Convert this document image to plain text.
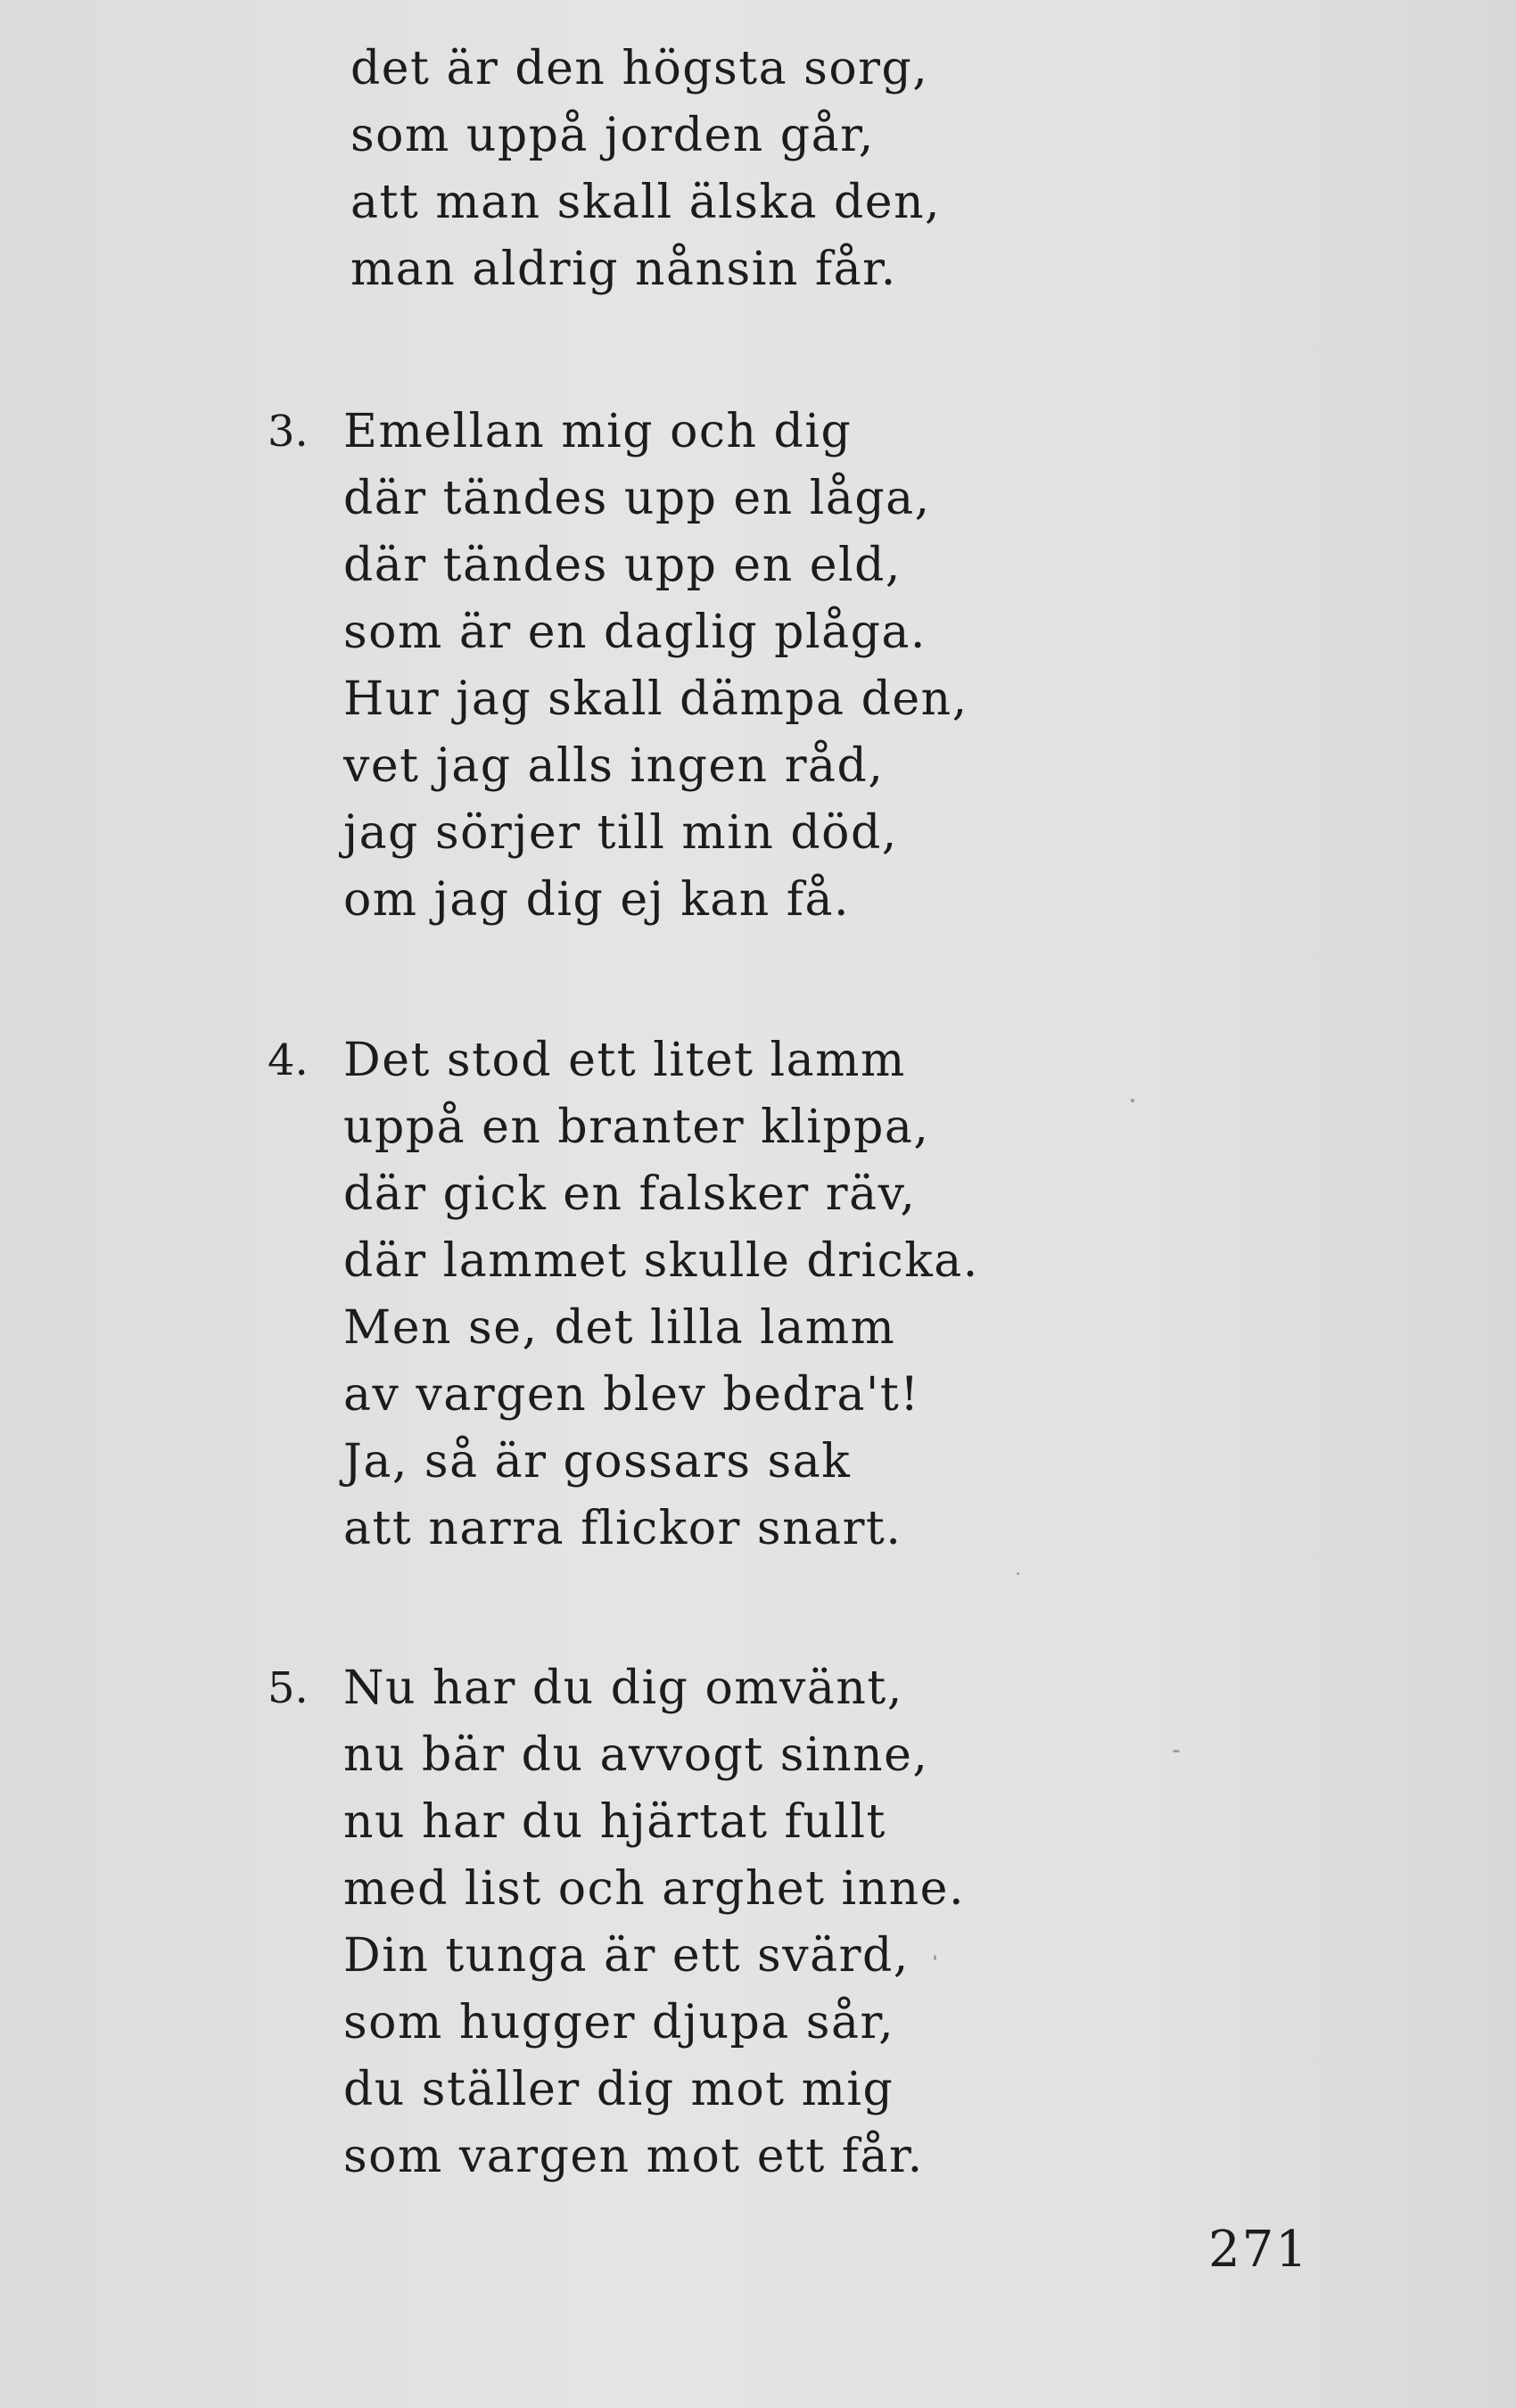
det är den högsta sorg,
som uppå jorden går,
att man skall älska den,
man aldrig nånsin får.
3. Emellan mig och dig
där tändes upp en låga,
där tändes upp en eld,
som är en daglig plåga.
Hur jag skall dämpa den,
vet jag alls ingen råd,
jag sörjer till min död,
om jag dig ej kan få.
4. Det stod ett litet lamm
uppå en branter klippa,
där gick en falsker räv,
där lammet skulle dricka.
Men se, det lilla lamm
av vargen blev bedra't!
Ja, så är gossars sak
att narra flickor snart.
5. Nu har du dig omvänt,
nu bär du avvogt sinne,
nu har du hjärtat fullt
med list och arghet inne.
Din tunga är ett svärd,
som hugger djupa sår,
du ställer dig mot mig
som vargen mot ett får.
271
